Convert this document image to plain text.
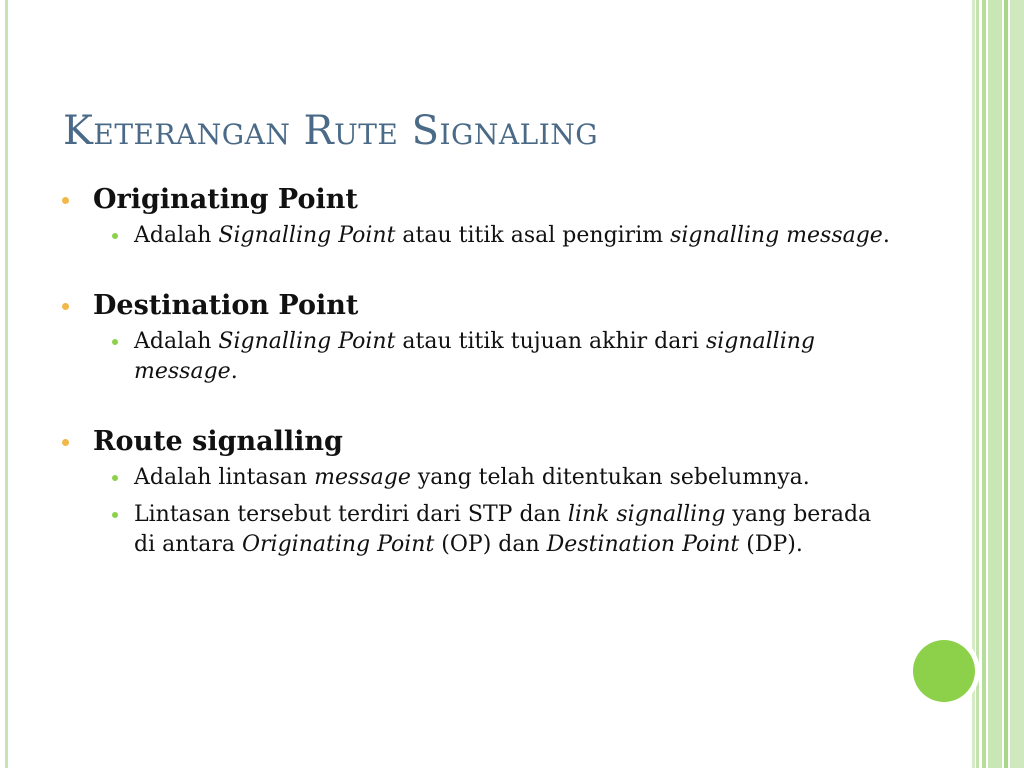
Keterangan Rute Signaling
Originating Point
Adalah Signalling Point atau titik asal pengirim signalling message.
Destination Point
Adalah Signalling Point atau titik tujuan akhir dari signalling message.
Route signalling
Adalah lintasan message yang telah ditentukan sebelumnya.
Lintasan tersebut terdiri dari STP dan link signalling yang berada di antara Originating Point (OP) dan Destination Point (DP).
